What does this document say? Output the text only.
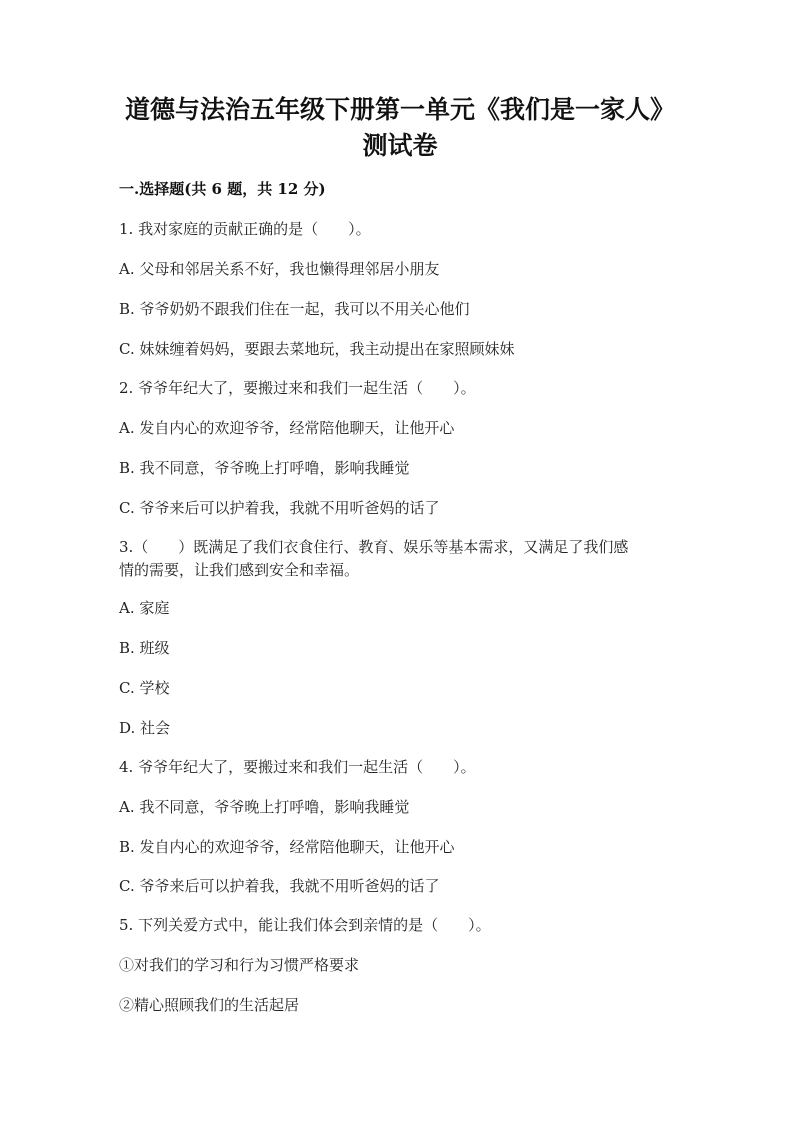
道德与法治五年级下册第一单元《我们是一家人》
测试卷
一.选择题(共 6 题，共 12 分)
1. 我对家庭的贡献正确的是（　　）。
A. 父母和邻居关系不好，我也懒得理邻居小朋友
B. 爷爷奶奶不跟我们住在一起，我可以不用关心他们
C. 妹妹缠着妈妈，要跟去菜地玩，我主动提出在家照顾妹妹
2. 爷爷年纪大了，要搬过来和我们一起生活（　　）。
A. 发自内心的欢迎爷爷，经常陪他聊天，让他开心
B. 我不同意，爷爷晚上打呼噜，影响我睡觉
C. 爷爷来后可以护着我，我就不用听爸妈的话了
3.（　　）既满足了我们衣食住行、教育、娱乐等基本需求，又满足了我们感
情的需要，让我们感到安全和幸福。
A. 家庭
B. 班级
C. 学校
D. 社会
4. 爷爷年纪大了，要搬过来和我们一起生活（　　）。
A. 我不同意，爷爷晚上打呼噜，影响我睡觉
B. 发自内心的欢迎爷爷，经常陪他聊天，让他开心
C. 爷爷来后可以护着我，我就不用听爸妈的话了
5. 下列关爱方式中，能让我们体会到亲情的是（　　）。
①对我们的学习和行为习惯严格要求
②精心照顾我们的生活起居
